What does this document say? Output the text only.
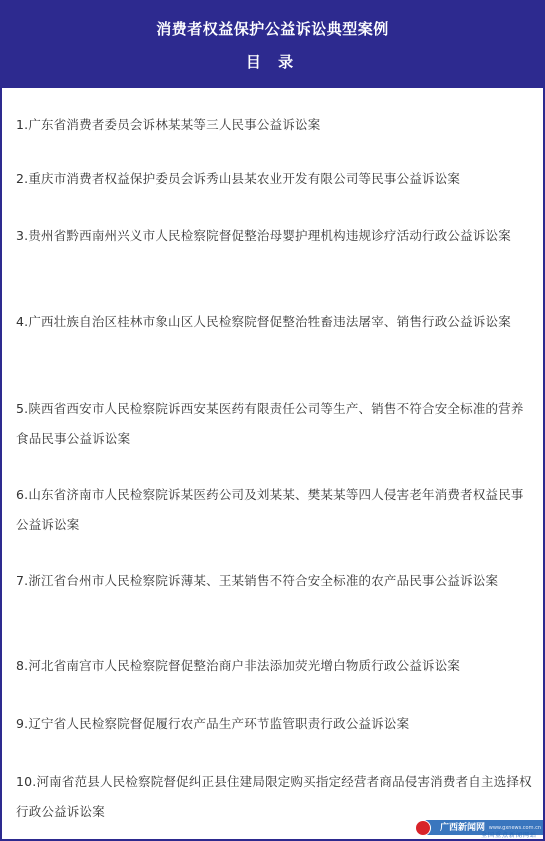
消费者权益保护公益诉讼典型案例
目 录
1.广东省消费者委员会诉林某某等三人民事公益诉讼案
2.重庆市消费者权益保护委员会诉秀山县某农业开发有限公司等民事公益诉讼案
3.贵州省黔西南州兴义市人民检察院督促整治母婴护理机构违规诊疗活动行政公益诉讼案
4.广西壮族自治区桂林市象山区人民检察院督促整治牲畜违法屠宰、销售行政公益诉讼案
5.陕西省西安市人民检察院诉西安某医药有限责任公司等生产、销售不符合安全标准的营养食品民事公益诉讼案
6.山东省济南市人民检察院诉某医药公司及刘某某、樊某某等四人侵害老年消费者权益民事公益诉讼案
7.浙江省台州市人民检察院诉薄某、王某销售不符合安全标准的农产品民事公益诉讼案
8.河北省南宫市人民检察院督促整治商户非法添加荧光增白物质行政公益诉讼案
9.辽宁省人民检察院督促履行农产品生产环节监管职责行政公益诉讼案
10.河南省范县人民检察院督促纠正县住建局限定购买指定经营者商品侵害消费者自主选择权行政公益诉讼案
广西新闻网 www.gxnews.com.cn
全国重点新闻网站
